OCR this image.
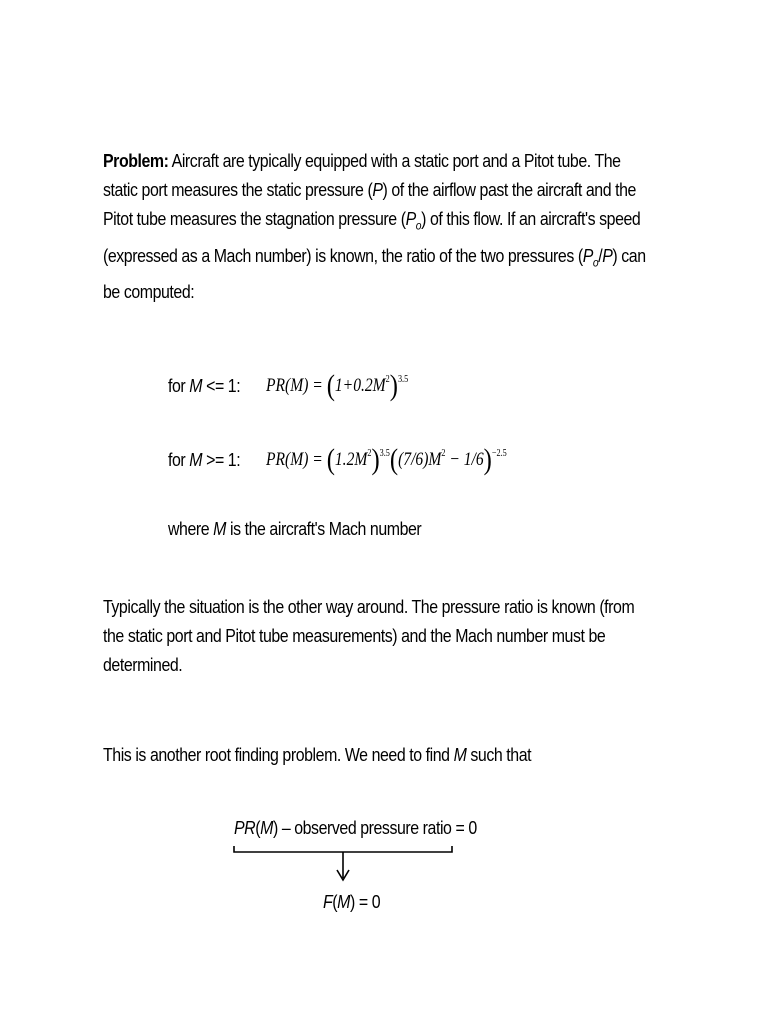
Problem: Aircraft are typically equipped with a static port and a Pitot tube. The static port measures the static pressure (P) of the airflow past the aircraft and the Pitot tube measures the stagnation pressure $(P_o)$ of this flow. If an aircraft's speed (expressed as a Mach number) is known, the ratio of the two pressures $(P_o/P)$ can be computed:
for M <= 1: $PR(M) = (1+0.2M^2)^{3.5}$
for M >= 1: $PR(M) = (1.2M^2)^{3.5}((7/6)M^2 - 1/6)^{-2.5}$
where M is the aircraft's Mach number
Typically the situation is the other way around. The pressure ratio is known (from the static port and Pitot tube measurements) and the Mach number must be determined.
This is another root finding problem. We need to find M such that
PR(M) – observed pressure ratio = 0
F(M) = 0
